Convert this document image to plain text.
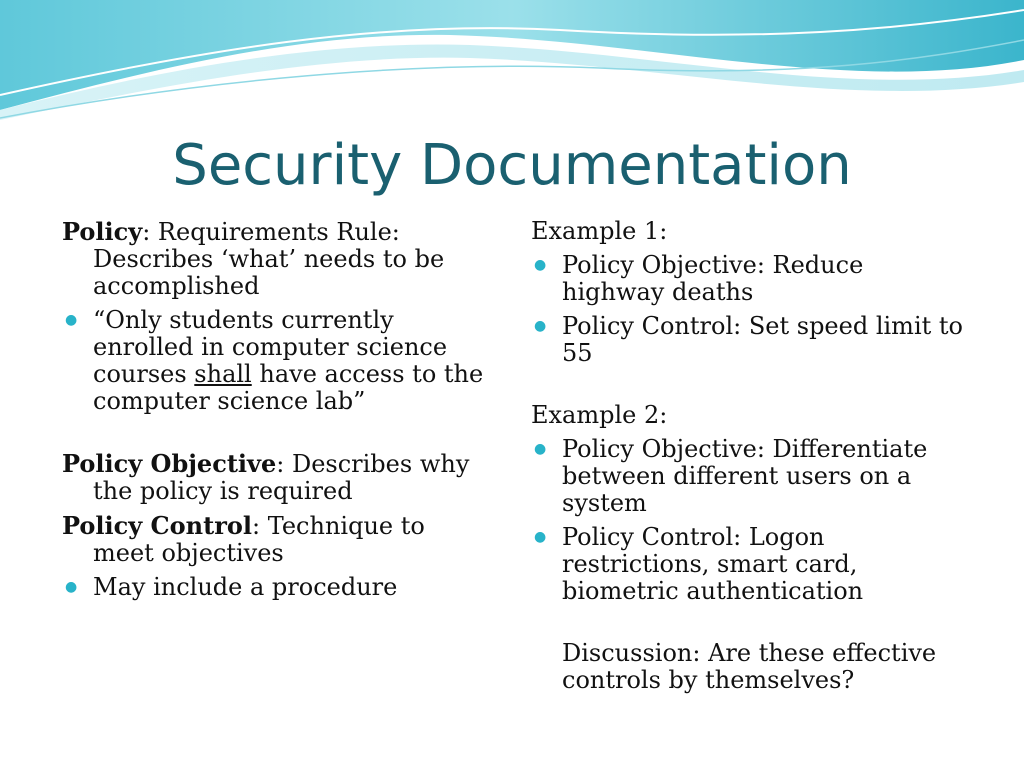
Security Documentation

Policy: Requirements Rule: Describes ‘what’ needs to be accomplished

● “Only students currently enrolled in computer science courses shall have access to the computer science lab”

Policy Objective: Describes why the policy is required

Policy Control: Technique to meet objectives

● May include a procedure

Example 1:

● Policy Objective: Reduce highway deaths

● Policy Control: Set speed limit to 55

Example 2:

● Policy Objective: Differentiate between different users on a system

● Policy Control: Logon restrictions, smart card, biometric authentication

Discussion: Are these effective controls by themselves?
